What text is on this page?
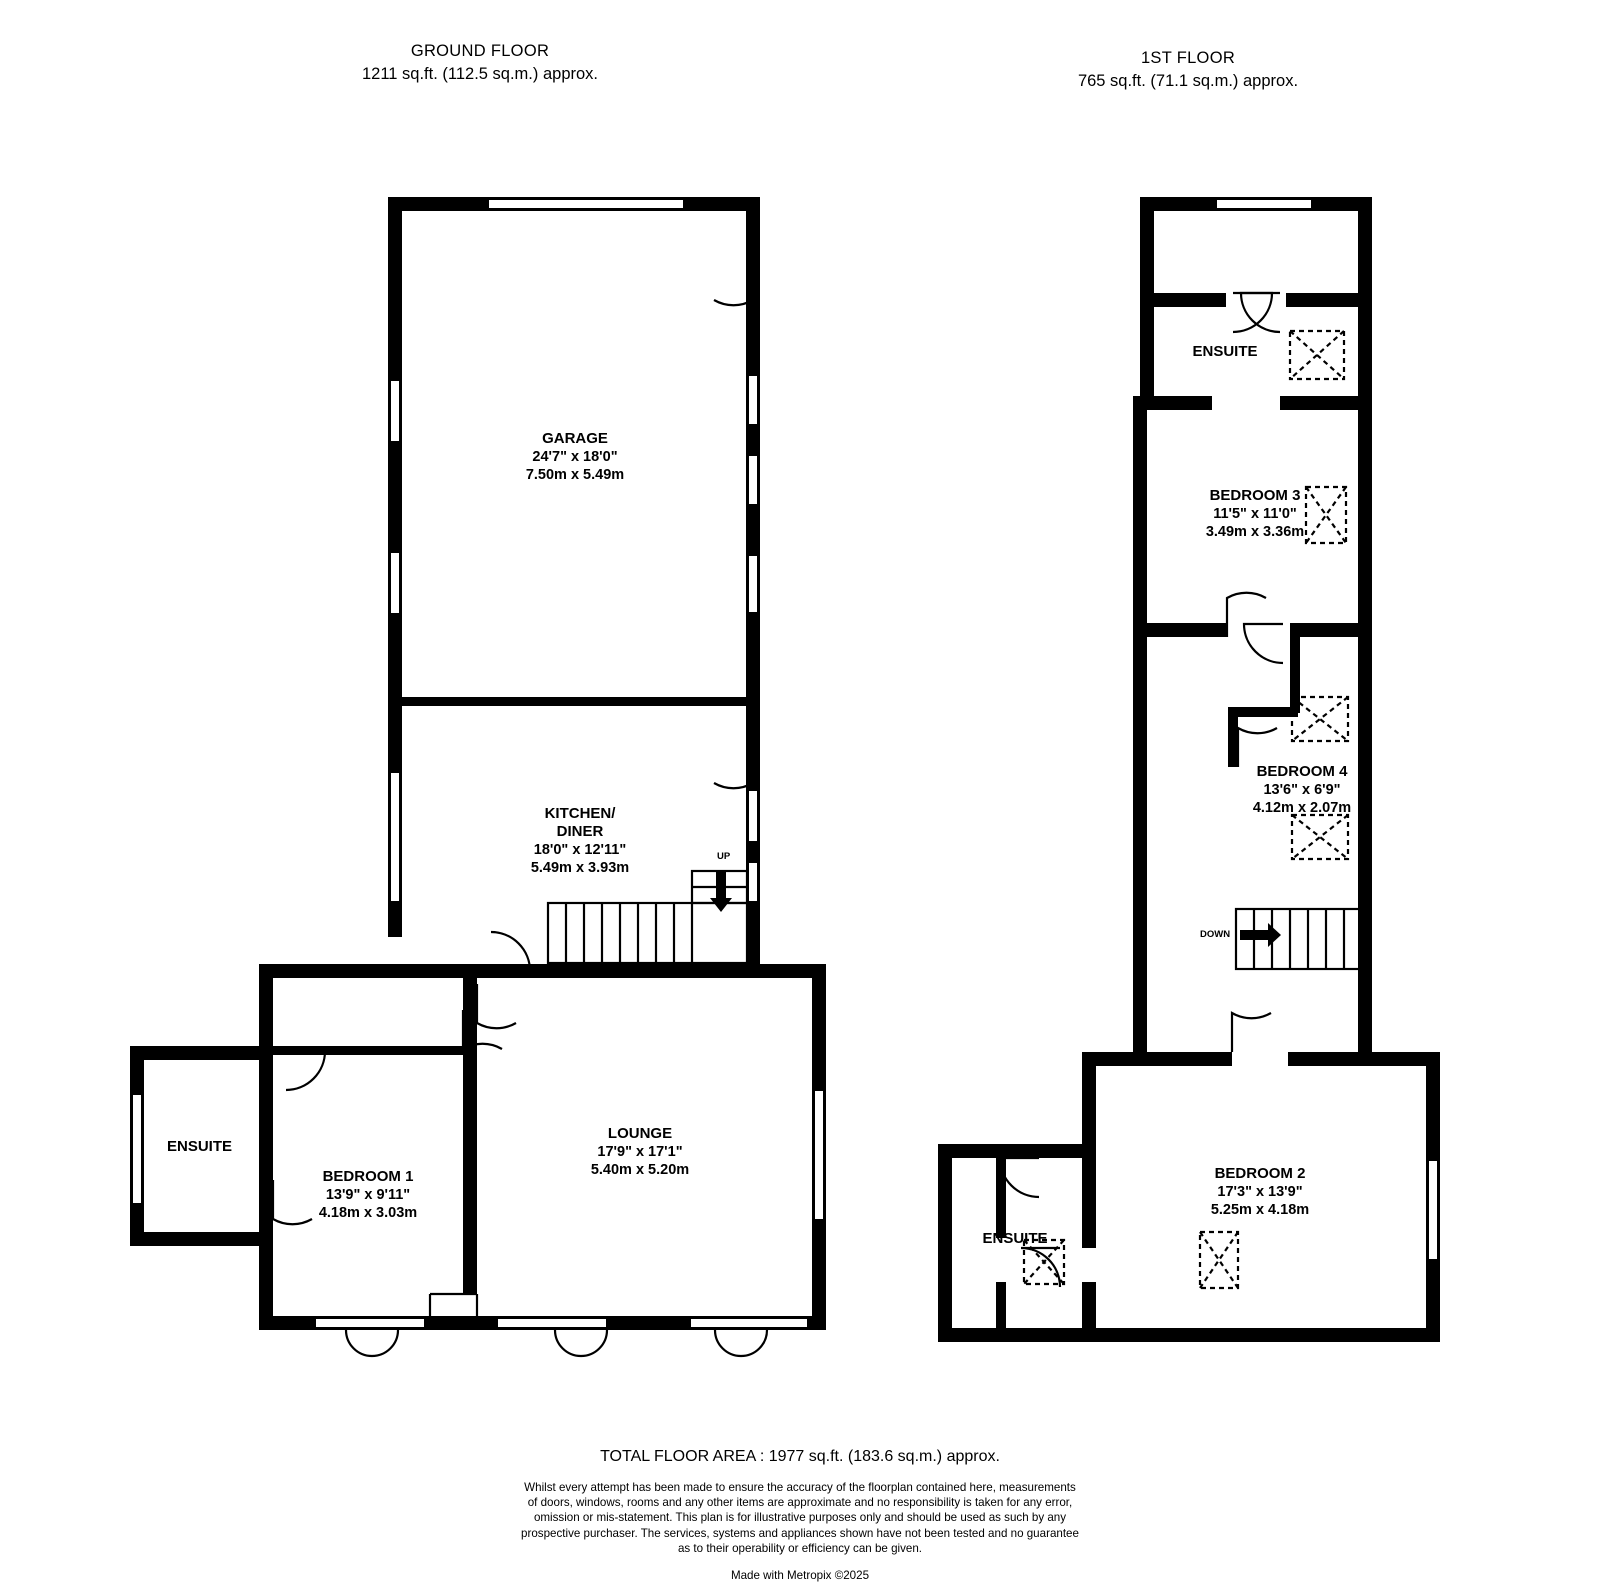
GROUND FLOOR
1211 sq.ft. (112.5 sq.m.) approx.
1ST FLOOR
765 sq.ft. (71.1 sq.m.) approx.
GARAGE
24'7" x 18'0"
7.50m x 5.49m
KITCHEN/
DINER
18'0" x 12'11"
5.49m x 3.93m
LOUNGE
17'9" x 17'1"
5.40m x 5.20m
BEDROOM 1
13'9" x 9'11"
4.18m x 3.03m
ENSUITE
ENSUITE
BEDROOM 3
11'5" x 11'0"
3.49m x 3.36m
BEDROOM 4
13'6" x 6'9"
4.12m x 2.07m
BEDROOM 2
17'3" x 13'9"
5.25m x 4.18m
ENSUITE
UP
DOWN
TOTAL FLOOR AREA : 1977 sq.ft. (183.6 sq.m.) approx.
Whilst every attempt has been made to ensure the accuracy of the floorplan contained here, measurements
of doors, windows, rooms and any other items are approximate and no responsibility is taken for any error,
omission or mis-statement. This plan is for illustrative purposes only and should be used as such by any
prospective purchaser. The services, systems and appliances shown have not been tested and no guarantee
as to their operability or efficiency can be given.
Made with Metropix ©2025
